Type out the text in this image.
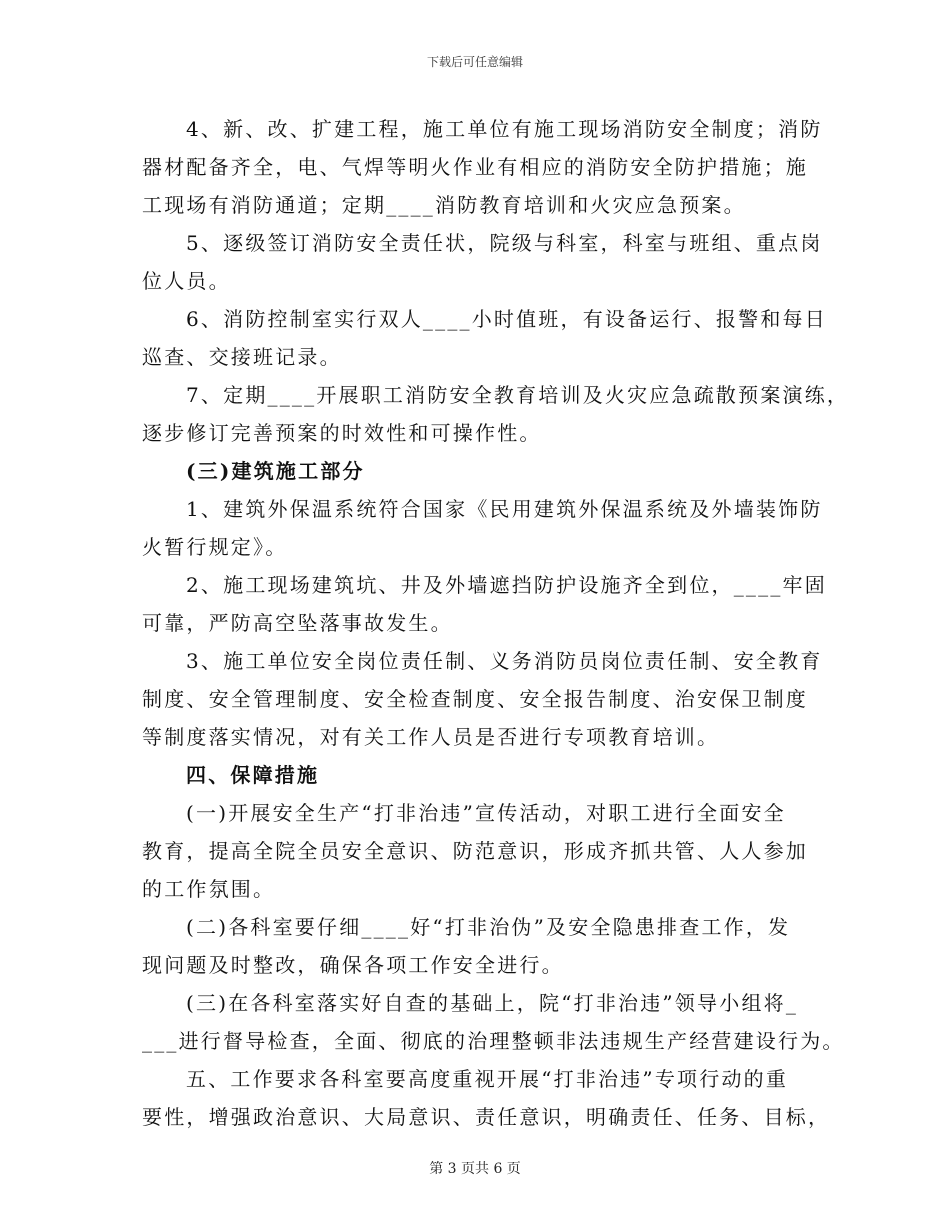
下载后可任意编辑
4、新、改、扩建工程，施工单位有施工现场消防安全制度；消防
器材配备齐全，电、气焊等明火作业有相应的消防安全防护措施；施
工现场有消防通道；定期____消防教育培训和火灾应急预案。
5、逐级签订消防安全责任状，院级与科室，科室与班组、重点岗
位人员。
6、消防控制室实行双人____小时值班，有设备运行、报警和每日
巡查、交接班记录。
7、定期____开展职工消防安全教育培训及火灾应急疏散预案演练，
逐步修订完善预案的时效性和可操作性。
(三)建筑施工部分
1、建筑外保温系统符合国家《民用建筑外保温系统及外墙装饰防
火暂行规定》。
2、施工现场建筑坑、井及外墙遮挡防护设施齐全到位，____牢固
可靠，严防高空坠落事故发生。
3、施工单位安全岗位责任制、义务消防员岗位责任制、安全教育
制度、安全管理制度、安全检查制度、安全报告制度、治安保卫制度
等制度落实情况，对有关工作人员是否进行专项教育培训。
四、保障措施
(一)开展安全生产“打非治违”宣传活动，对职工进行全面安全
教育，提高全院全员安全意识、防范意识，形成齐抓共管、人人参加
的工作氛围。
(二)各科室要仔细____好“打非治伪”及安全隐患排查工作，发
现问题及时整改，确保各项工作安全进行。
(三)在各科室落实好自查的基础上，院“打非治违”领导小组将_
___进行督导检查，全面、彻底的治理整顿非法违规生产经营建设行为。
五、工作要求各科室要高度重视开展“打非治违”专项行动的重
要性，增强政治意识、大局意识、责任意识，明确责任、任务、目标，
第 3 页共 6 页
